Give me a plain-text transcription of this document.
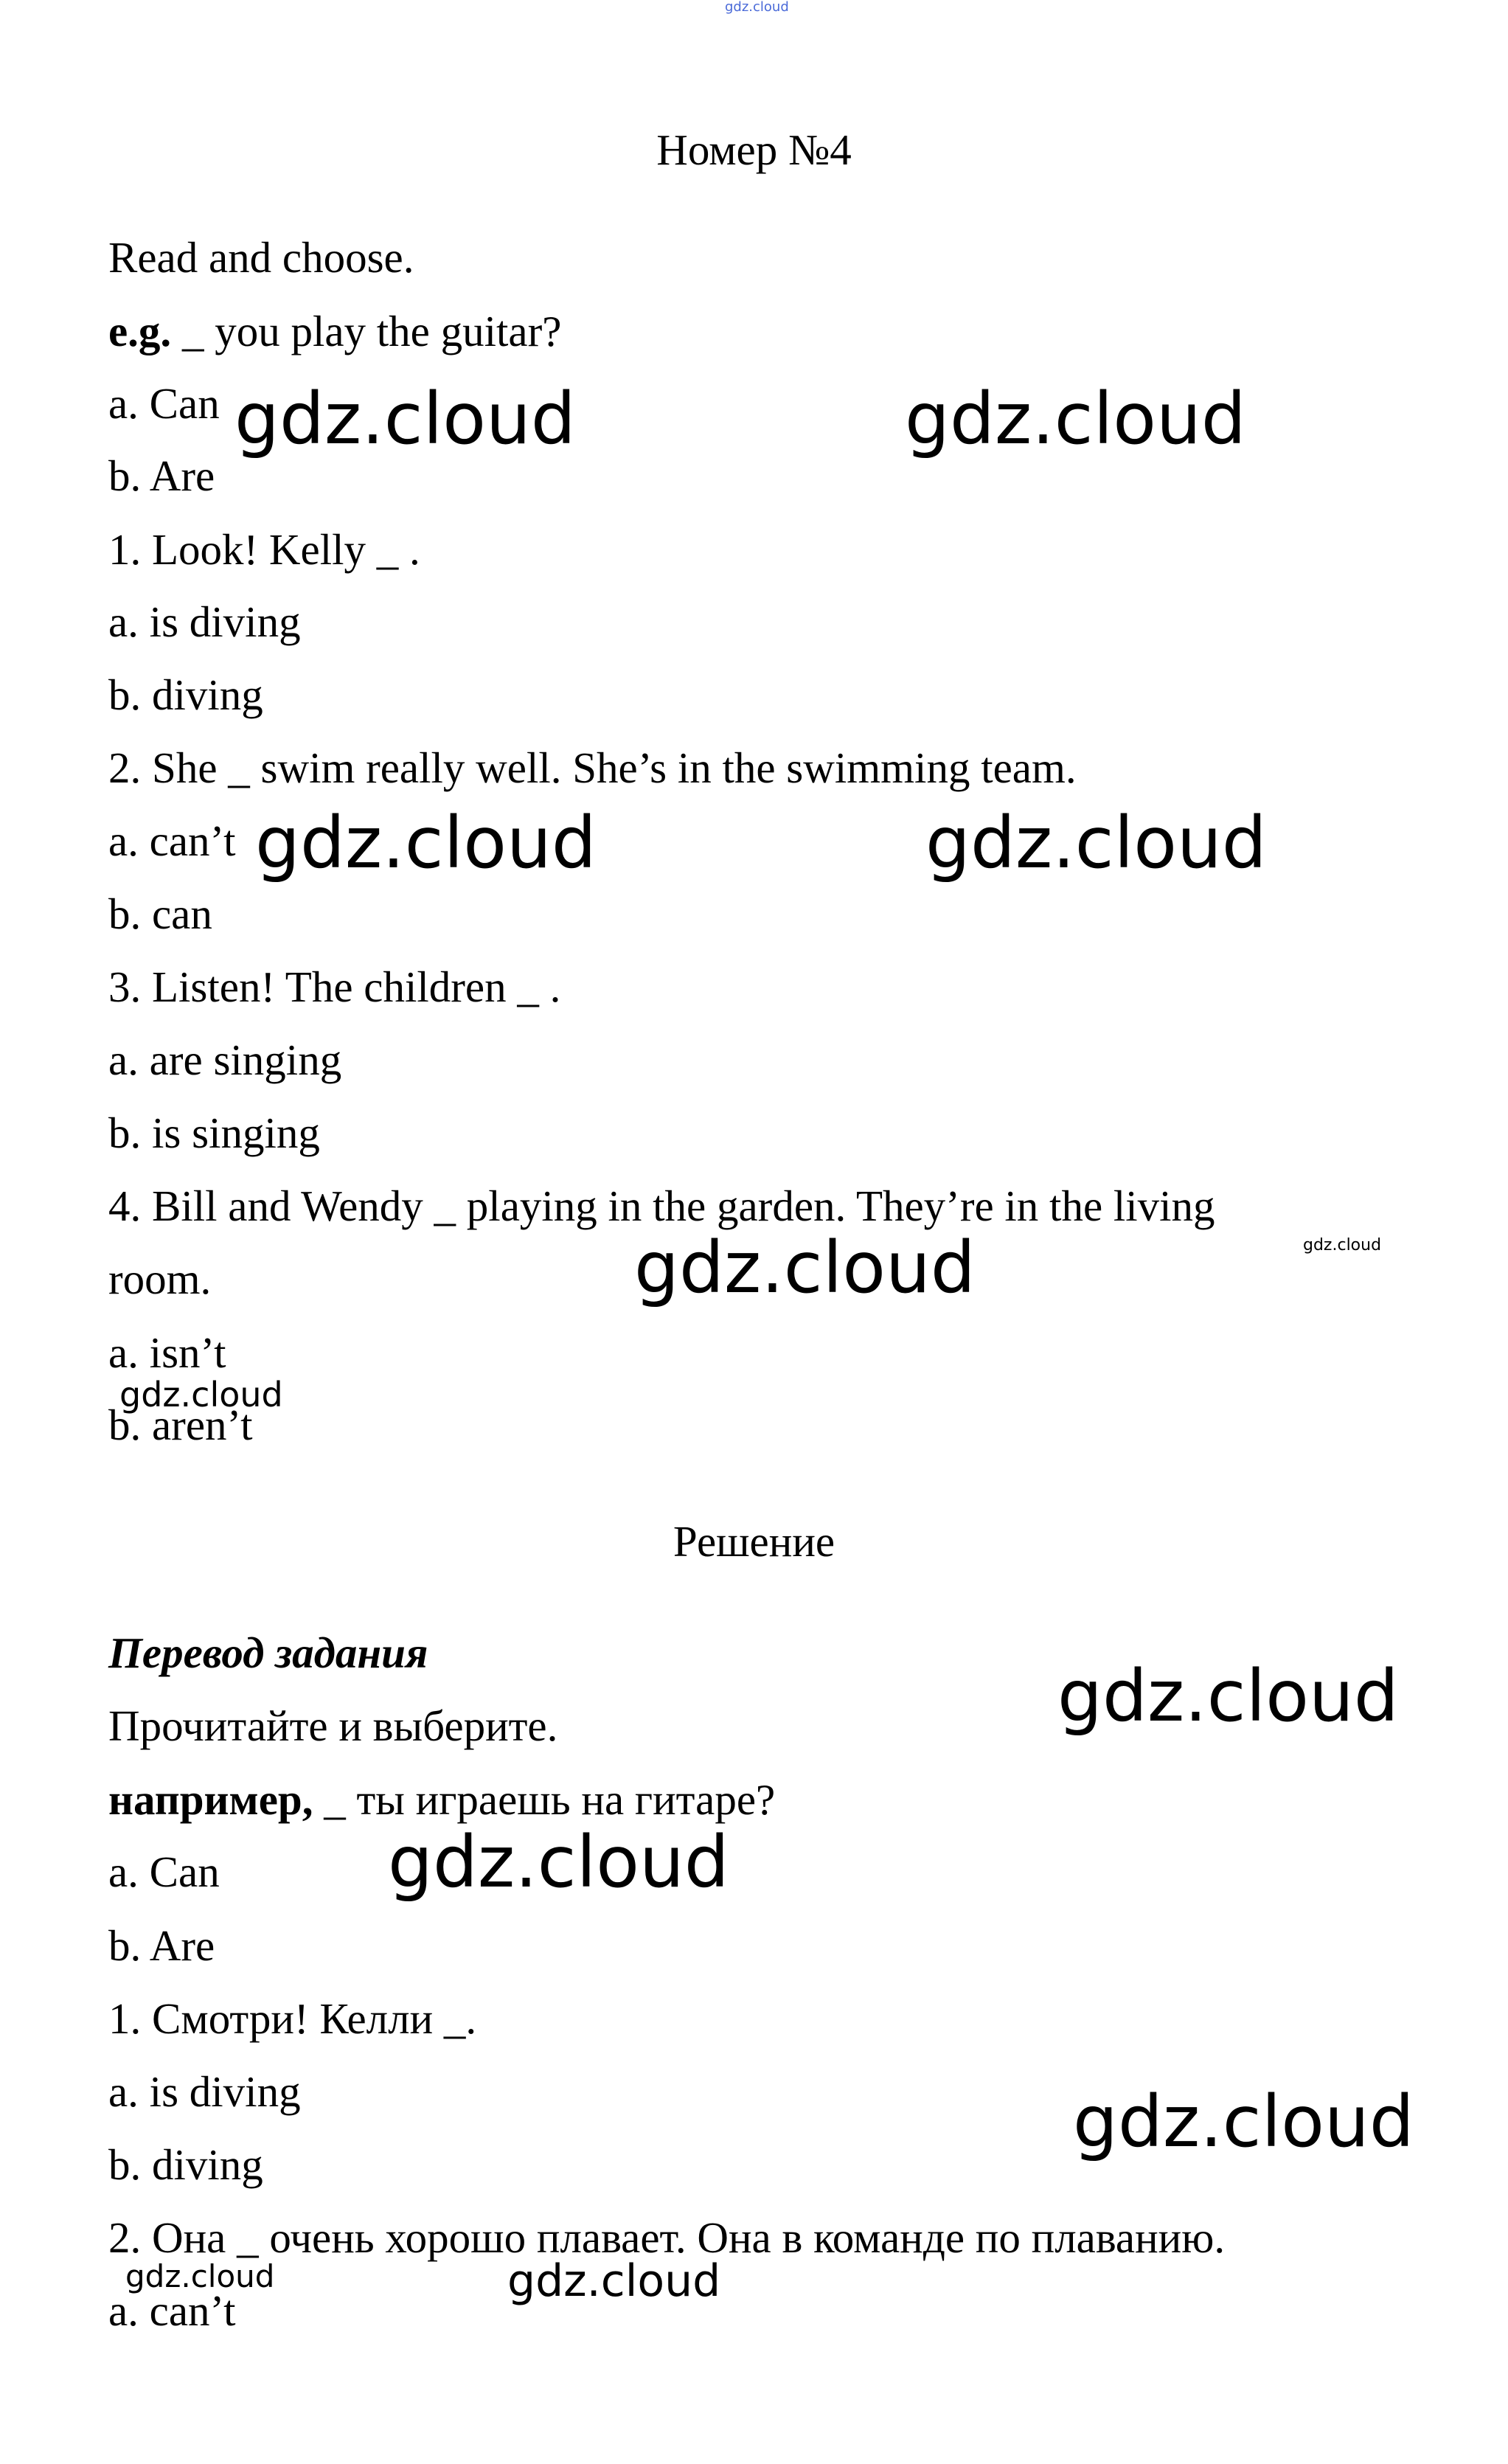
Номер №4
Read and choose.
e.g. _ you play the guitar?
a. Can
b. Are
1. Look! Kelly _ .
a. is diving
b. diving
2. She _ swim really well. She’s in the swimming team.
a. can’t
b. can
3. Listen! The children _ .
a. are singing
b. is singing
4. Bill and Wendy _ playing in the garden. They’re in the living
room.
a. isn’t
b. aren’t
Решение
Перевод задания
Прочитайте и выберите.
например, _ ты играешь на гитаре?
a. Can
b. Are
1. Смотри! Келли _.
a. is diving
b. diving
2. Она _ очень хорошо плавает. Она в команде по плаванию.
a. can’t
gdz.cloud
gdz.cloud	gdz.cloud
gdz.cloud	gdz.cloud
gdz.cloud
gdz.cloud
gdz.cloud
gdz.cloud
gdz.cloud
gdz.cloud
gdz.cloud	gdz.cloud
